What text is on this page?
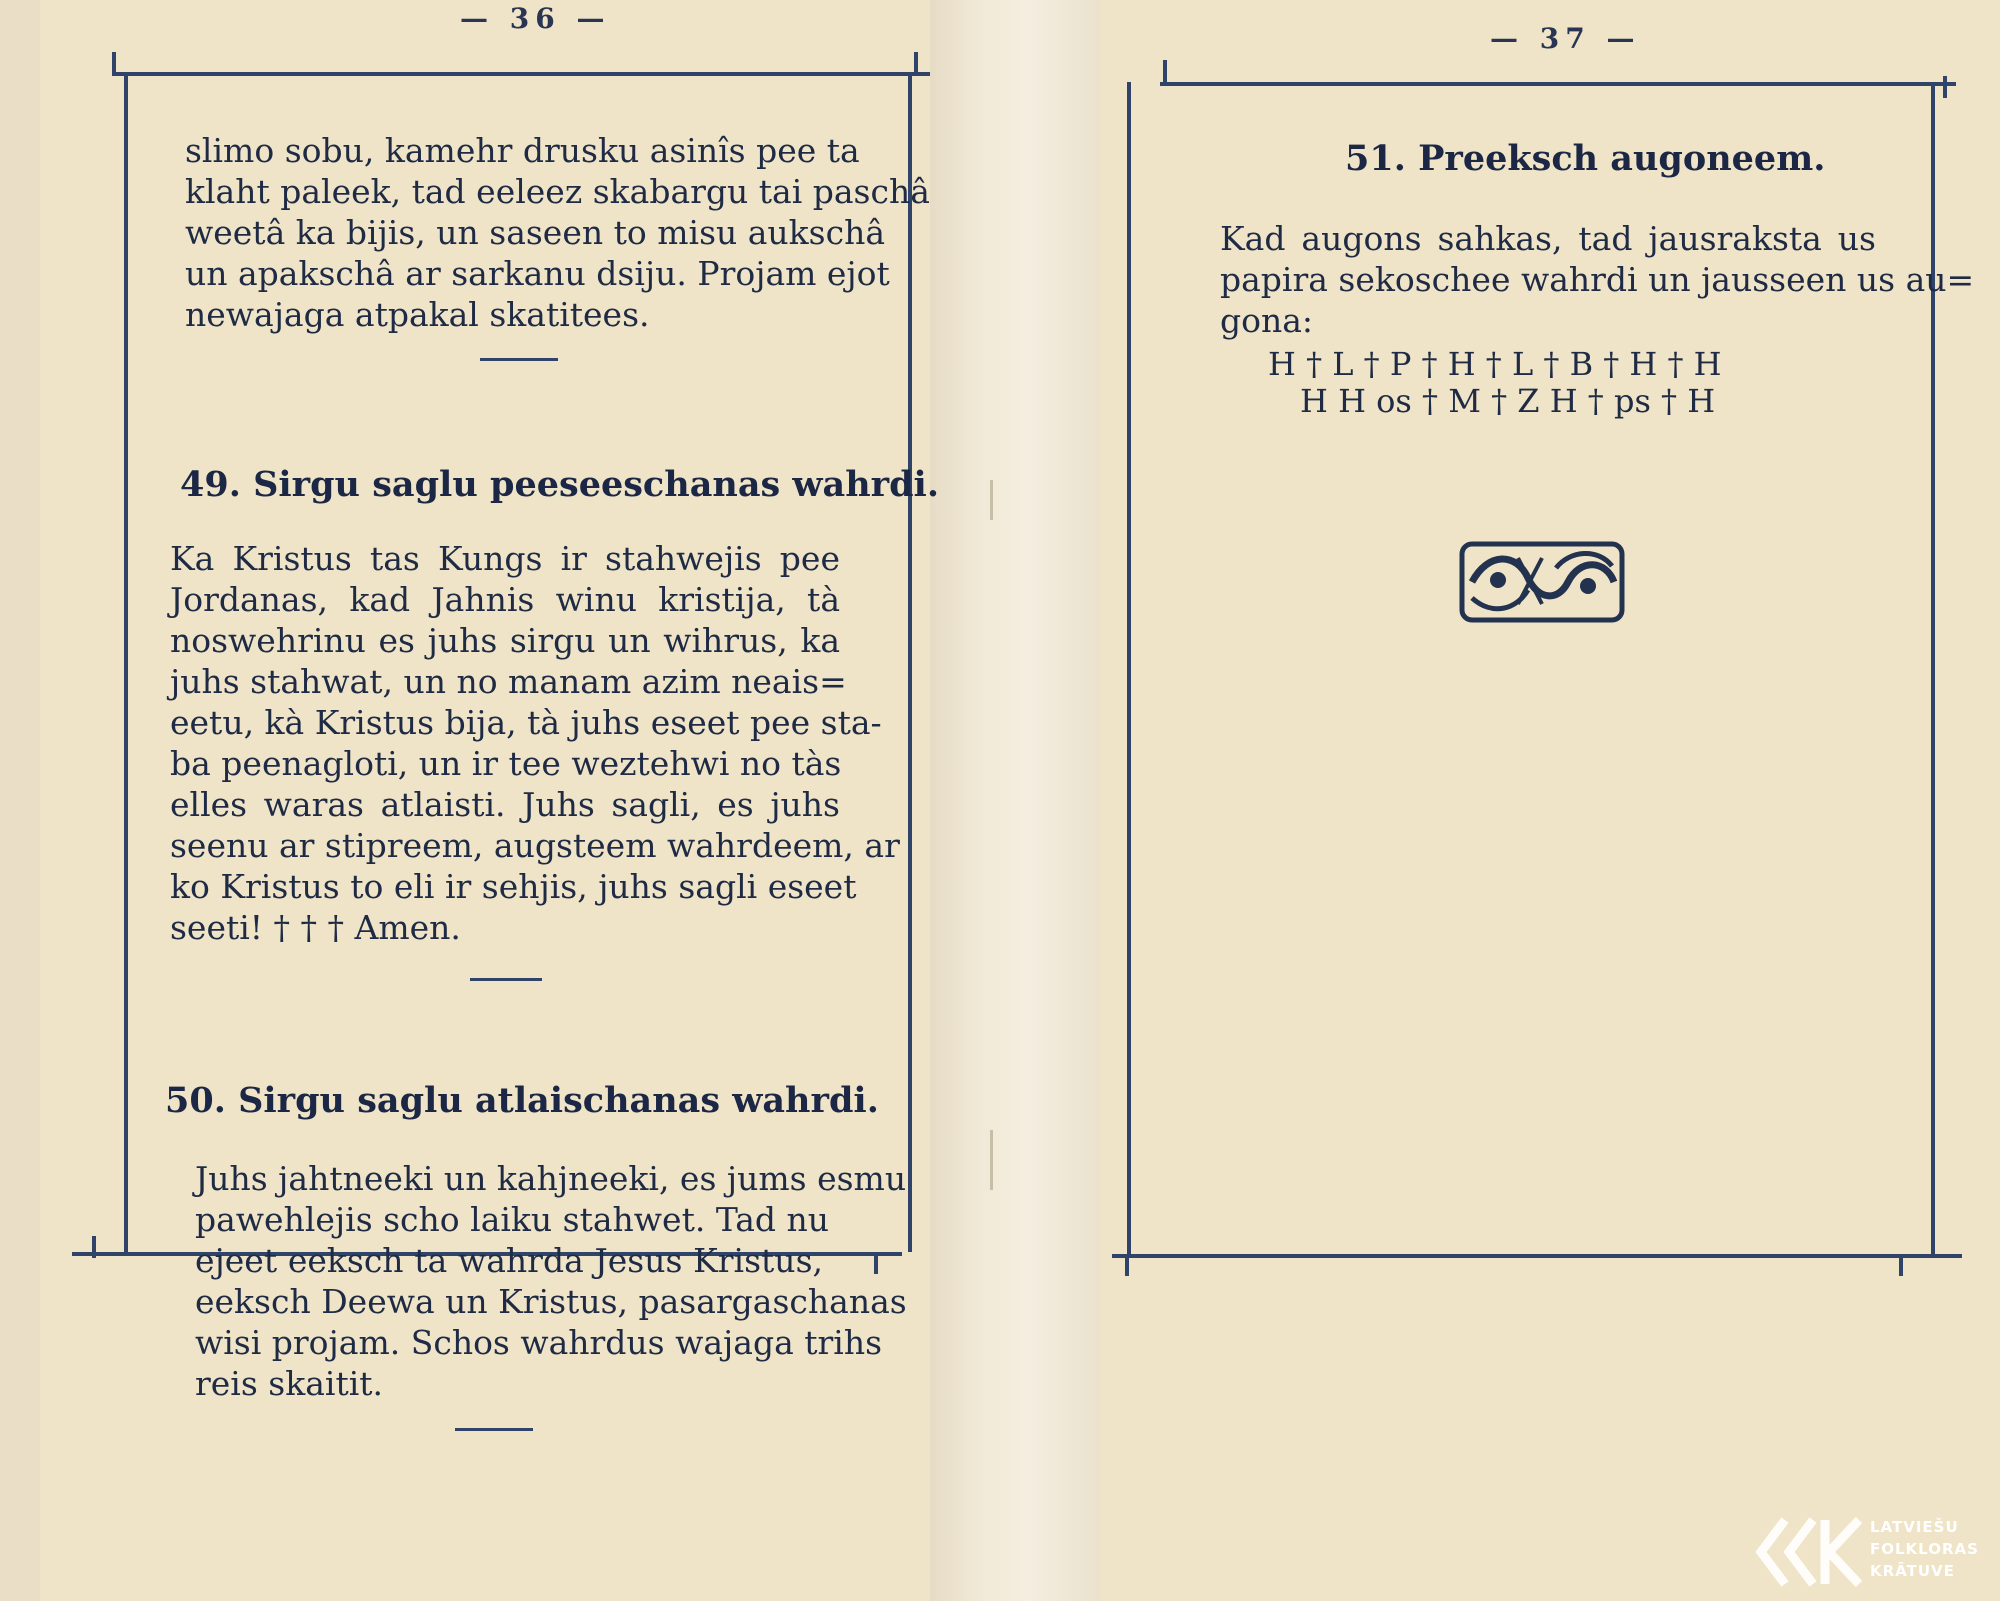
— 36 —
slimo sobu, kamehr drusku asinîs pee ta
klaht paleek, tad eeleez skabargu tai paschâ
weetâ ka bijis, un saseen to misu aukschâ
un apakschâ ar sarkanu dsiju. Projam ejot
newajaga atpakal skatitees.
49. Sirgu saglu peeseeschanas wahrdi.
Ka Kristus tas Kungs ir stahwejis pee
Jordanas, kad Jahnis winu kristija, tà
noswehrinu es juhs sirgu un wihrus, ka
juhs stahwat, un no manam azim neais=
eetu, kà Kristus bija, tà juhs eseet pee sta-
ba peenagloti, un ir tee weztehwi no tàs
elles waras atlaisti. Juhs sagli, es juhs
seenu ar stipreem, augsteem wahrdeem, ar
ko Kristus to eli ir sehjis, juhs sagli eseet
seeti! † † † Amen.
50. Sirgu saglu atlaischanas wahrdi.
Juhs jahtneeki un kahjneeki, es jums esmu
pawehlejis scho laiku stahwet. Tad nu
ejeet eeksch ta wahrda Jesus Kristus,
eeksch Deewa un Kristus, pasargaschanas
wisi projam. Schos wahrdus wajaga trihs
reis skaitit.
— 37 —
51. Preeksch augoneem.
Kad augons sahkas, tad jausrakstа us
papira sekoschee wahrdi un jausseen us au=
gona:
H † L † P † H † L † B † H † H
H H os † M † Z H † ps † H
LATVIEŠU
FOLKLORAS
KRĀTUVE
